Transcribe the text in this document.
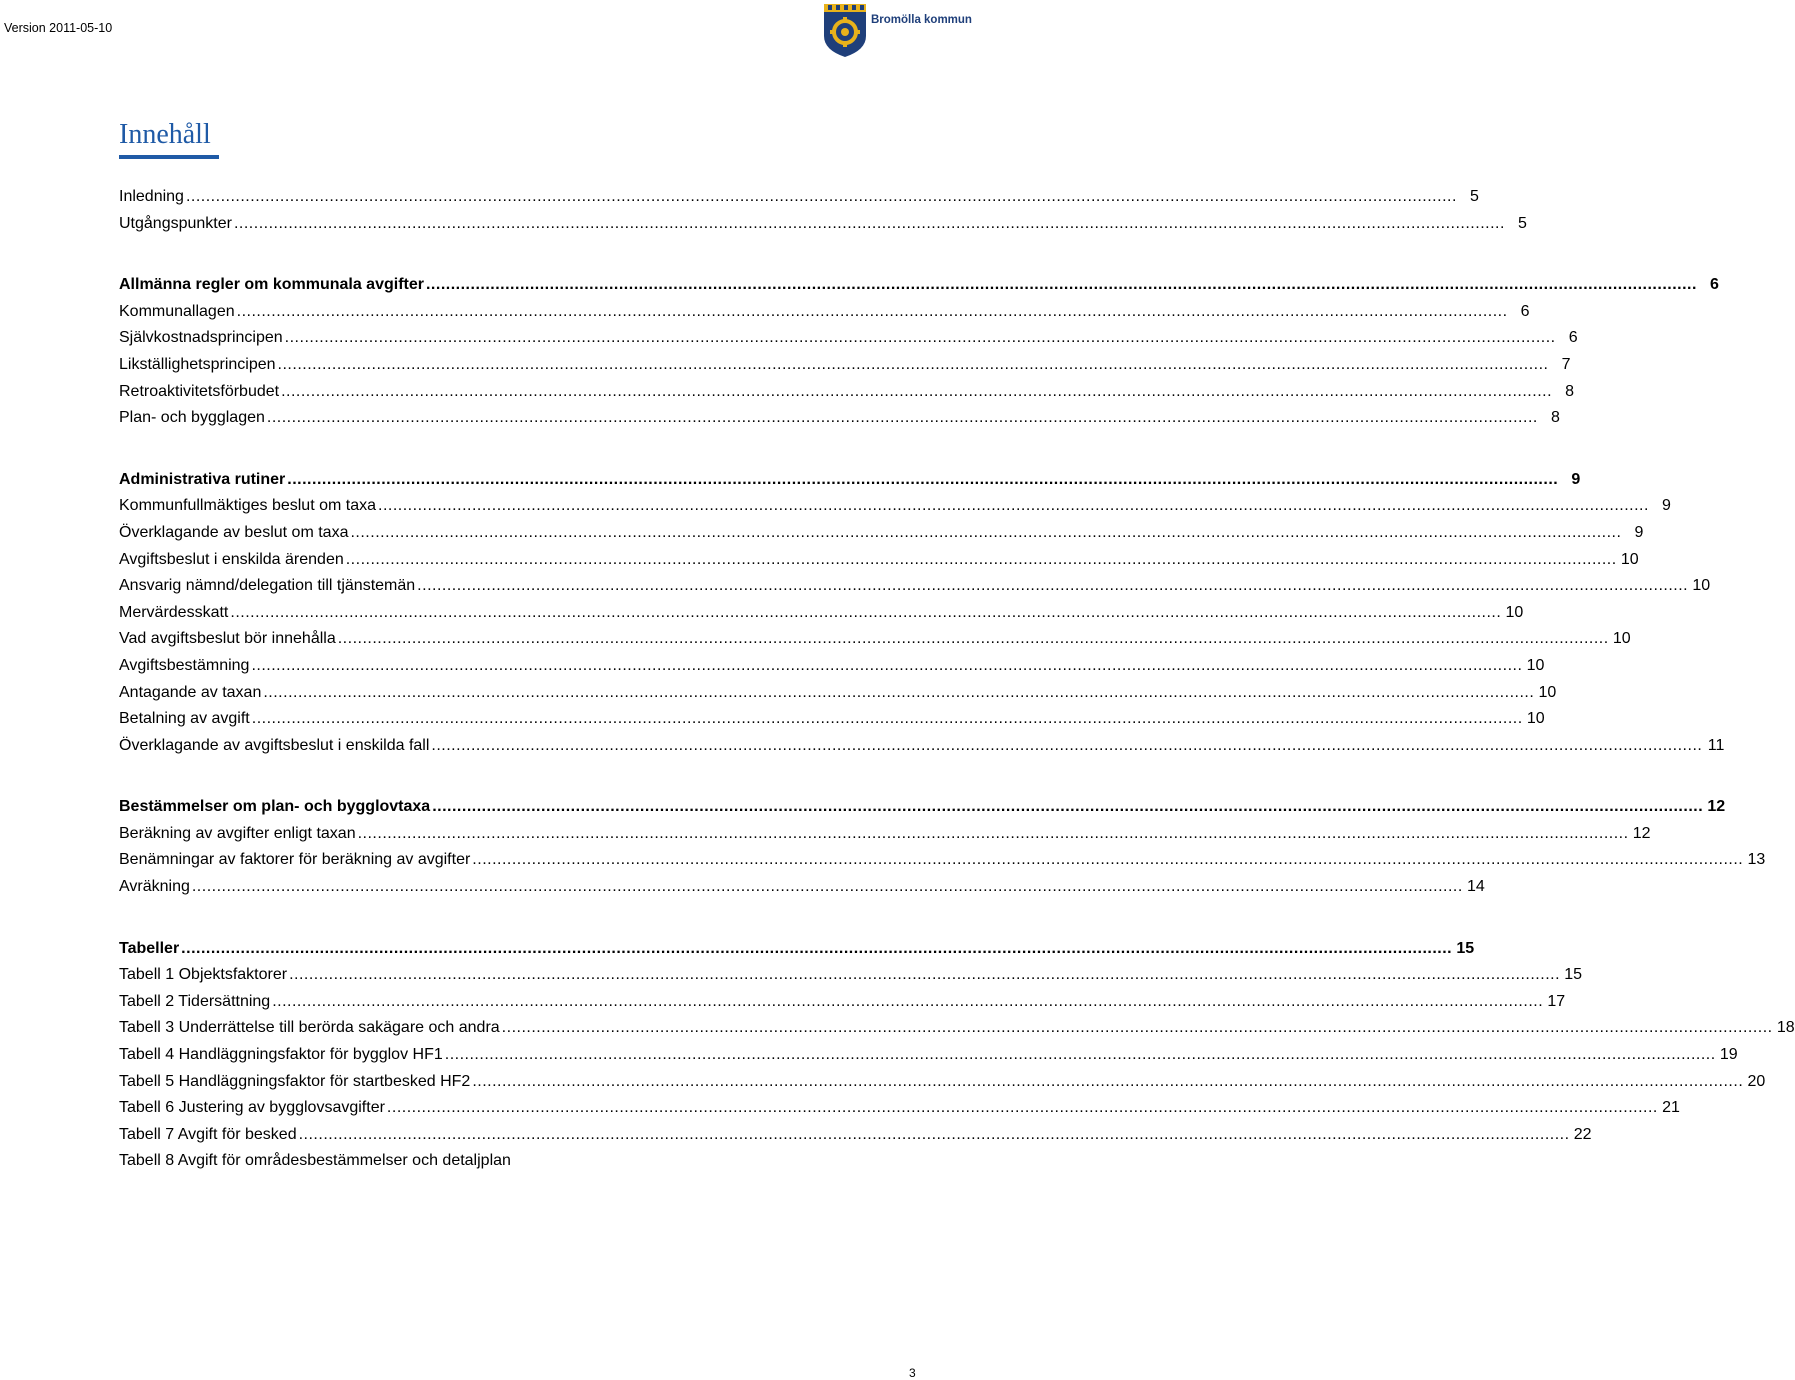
Version 2011-05-10
Bromölla kommun
Innehåll
Inledning .....	5
Utgångspunkter .....	5
Allmänna regler om kommunala avgifter .....	6
Kommunallagen .....	6
Självkostnadsprincipen .....	6
Likställighetsprincipen .....	7
Retroaktivitetsförbudet .....	8
Plan- och bygglagen .....	8
Administrativa rutiner .....	9
Kommunfullmäktiges beslut om taxa .....	9
Överklagande av beslut om taxa .....	9
Avgiftsbeslut i enskilda ärenden .....	10
Ansvarig nämnd/delegation till tjänstemän .....	10
Mervärdesskatt .....	10
Vad avgiftsbeslut bör innehålla .....	10
Avgiftsbestämning .....	10
Antagande av taxan .....	10
Betalning av avgift .....	10
Överklagande av avgiftsbeslut i enskilda fall .....	11
Bestämmelser om plan- och bygglovtaxa .....	12
Beräkning av avgifter enligt taxan .....	12
Benämningar av faktorer för beräkning av avgifter .....	13
Avräkning .....	14
Tabeller .....	15
Tabell 1 Objektsfaktorer .....	15
Tabell 2 Tidersättning .....	17
Tabell 3 Underrättelse till berörda sakägare och andra .....	18
Tabell 4 Handläggningsfaktor för bygglov HF1 .....	19
Tabell 5 Handläggningsfaktor för startbesked HF2 .....	20
Tabell 6 Justering av bygglovsavgifter .....	21
Tabell 7 Avgift för besked .....	22
Tabell 8 Avgift för områdesbestämmelser och detaljplan
3
